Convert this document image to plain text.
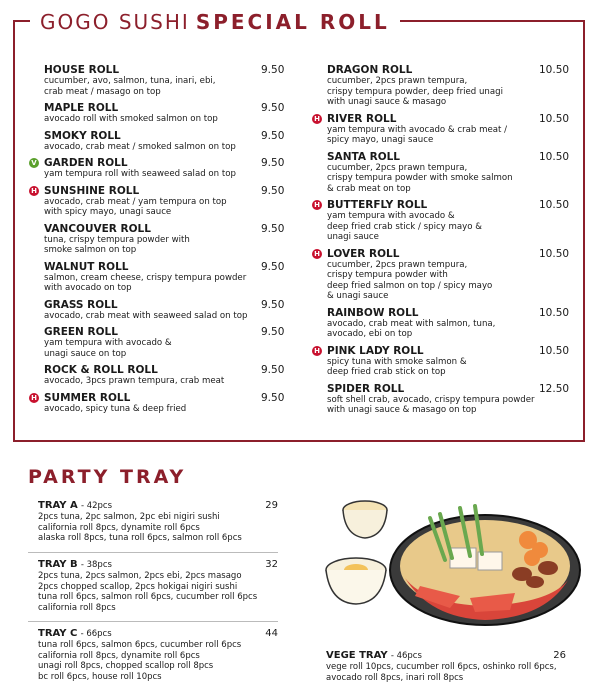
GOGO SUSHI SPECIAL ROLL
HOUSE ROLL	9.50
cucumber, avo, salmon, tuna, inari, ebi,
crab meat / masago on top
MAPLE ROLL	9.50
avocado roll with smoked salmon on top
SMOKY ROLL	9.50
avocado, crab meat / smoked salmon on top
V GARDEN ROLL	9.50
yam tempura roll with seaweed salad on top
H SUNSHINE ROLL	9.50
avocado, crab meat / yam tempura on top
with spicy mayo, unagi sauce
VANCOUVER ROLL	9.50
tuna, crispy tempura powder with
smoke salmon on top
WALNUT ROLL	9.50
salmon, cream cheese, crispy tempura powder
with avocado on top
GRASS ROLL	9.50
avocado, crab meat with seaweed salad on top
GREEN ROLL	9.50
yam tempura with avocado &
unagi sauce on top
ROCK & ROLL ROLL	9.50
avocado, 3pcs prawn tempura, crab meat
H SUMMER ROLL	9.50
avocado, spicy tuna & deep fried
DRAGON ROLL	10.50
cucumber, 2pcs prawn tempura,
crispy tempura powder, deep fried unagi
with unagi sauce & masago
H RIVER ROLL	10.50
yam tempura with avocado & crab meat /
spicy mayo, unagi sauce
SANTA ROLL	10.50
cucumber, 2pcs prawn tempura,
crispy tempura powder with smoke salmon
& crab meat on top
H BUTTERFLY ROLL	10.50
yam tempura with avocado &
deep fried crab stick / spicy mayo &
unagi sauce
H LOVER ROLL	10.50
cucumber, 2pcs prawn tempura,
crispy tempura powder with
deep fried salmon on top / spicy mayo
& unagi sauce
RAINBOW ROLL	10.50
avocado, crab meat with salmon, tuna,
avocado, ebi on top
H PINK LADY ROLL	10.50
spicy tuna with smoke salmon &
deep fried crab stick on top
SPIDER ROLL	12.50
soft shell crab, avocado, crispy tempura powder
with unagi sauce & masago on top
PARTY TRAY
TRAY A - 42pcs	29
2pcs tuna, 2pc salmon, 2pc ebi nigiri sushi
california roll 8pcs, dynamite roll 6pcs
alaska roll 8pcs, tuna roll 6pcs, salmon roll 6pcs
TRAY B - 38pcs	32
2pcs tuna, 2pcs salmon, 2pcs ebi, 2pcs masago
2pcs chopped scallop, 2pcs hokigai nigiri sushi
tuna roll 6pcs, salmon roll 6pcs, cucumber roll 6pcs
california roll 8pcs
TRAY C - 66pcs	44
tuna roll 6pcs, salmon 6pcs, cucumber roll 6pcs
california roll 8pcs, dynamite roll 6pcs
unagi roll 8pcs, chopped scallop roll 8pcs
bc roll 6pcs, house roll 10pcs
VEGE TRAY - 46pcs	26
vege roll 10pcs, cucumber roll 6pcs, oshinko roll 6pcs,
avocado roll 8pcs, inari roll 8pcs
